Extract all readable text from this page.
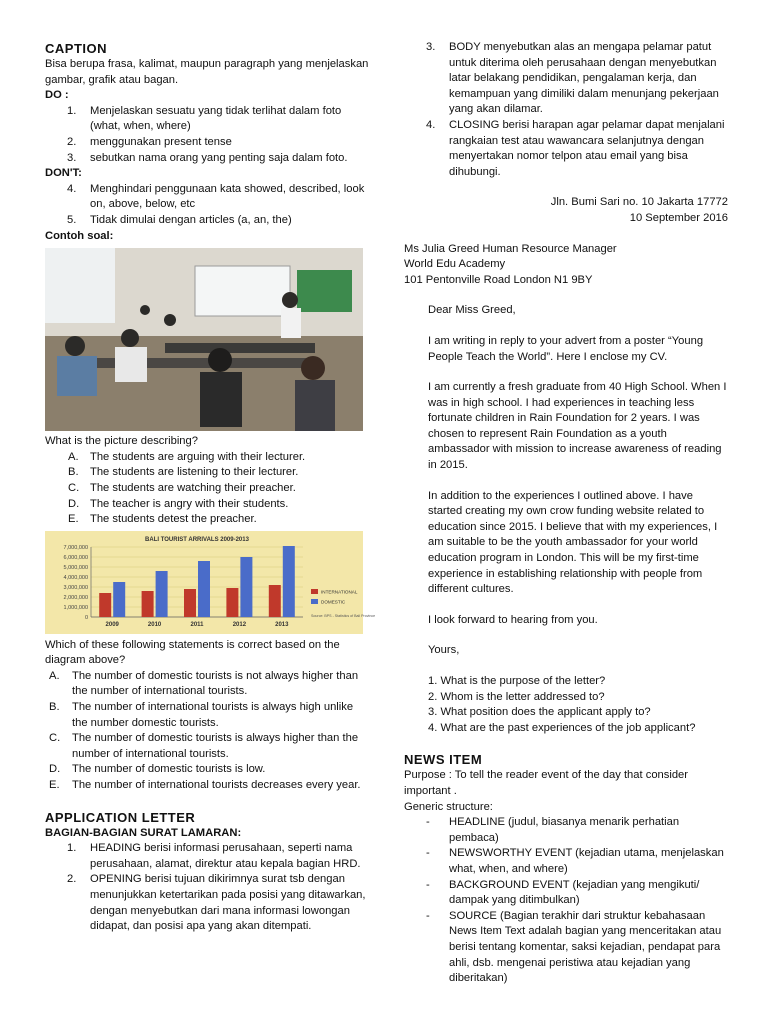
CAPTION

Bisa berupa frasa, kalimat, maupun paragraph yang menjelaskan gambar, grafik atau bagan.

DO :

1. Menjelaskan sesuatu yang tidak terlihat dalam foto (what, when, where)
2. menggunakan present tense
3. sebutkan nama orang yang penting saja dalam foto.

DON'T:

4. Menghindari penggunaan kata showed, described, look on, above, below, etc
5. Tidak dimulai dengan articles (a, an, the)

Contoh soal:

What is the picture describing?

A. The students are arguing with their lecturer.
B. The students are listening to their lecturer.
C. The students are watching their preacher.
D. The teacher is angry with their students.
E. The students detest the preacher.
BALI TOURIST ARRIVALS 2009-2013
0
1,000,000
2,000,000
3,000,000
4,000,000
5,000,000
6,000,000
7,000,000
2009	2010	2011	2012	2013
INTERNATIONAL
DOMESTIC
Source: BPS - Statistics of Bali Province

Which of these following statements is correct based on the diagram above?

A. The number of domestic tourists is not always higher than the number of international tourists.
B. The number of international tourists is always high unlike the number domestic tourists.
C. The number of domestic tourists is always higher than the number of international tourists.
D. The number of domestic tourists is low.
E. The number of international tourists decreases every year.
APPLICATION LETTER

BAGIAN-BAGIAN SURAT LAMARAN:

1. HEADING berisi informasi perusahaan, seperti nama perusahaan, alamat, direktur atau kepala bagian HRD.
2. OPENING berisi tujuan dikirimnya surat tsb dengan menunjukkan ketertarikan pada posisi yang ditawarkan, dengan menyebutkan dari mana informasi lowongan didapat, dan posisi apa yang akan ditempati.
3. BODY menyebutkan alas an mengapa pelamar patut untuk diterima oleh perusahaan dengan menyebutkan latar belakang pendidikan, pengalaman kerja, dan kemampuan yang dimiliki dalam menunjang pekerjaan yang akan dilamar.
4. CLOSING berisi harapan agar pelamar dapat menjalani rangkaian test atau wawancara selanjutnya dengan menyertakan nomor telpon atau email yang bisa dihubungi.

Jln. Bumi Sari no. 10 Jakarta 17772

10 September 2016

Ms Julia Greed Human Resource Manager

World Edu Academy

101 Pentonville Road London N1 9BY

Dear Miss Greed,

I am writing in reply to your advert from a poster “Young People Teach the World”. Here I enclose my CV.

I am currently a fresh graduate from 40 High School. When I was in high school. I had experiences in teaching less fortunate children in Rain Foundation for 2 years. I was chosen to represent Rain Foundation as a youth ambassador with mission to increase awareness of reading in 2015.

In addition to the experiences I outlined above. I have started creating my own crow funding website related to education since 2015. I believe that with my experiences, I am suitable to be the youth ambassador for your world education program in London. This will be my first-time experience in establishing relationship with people from different cultures.

I look forward to hearing from you.

Yours,

1. What is the purpose of the letter?

2. Whom is the letter addressed to?

3. What position does the applicant apply to?

4. What are the past experiences of the job applicant?

NEWS ITEM

Purpose : To tell the reader event of the day that consider important .

Generic structure:

- HEADLINE (judul, biasanya menarik perhatian pembaca)
- NEWSWORTHY EVENT (kejadian utama, menjelaskan what, when, and where)
- BACKGROUND EVENT (kejadian yang mengikuti/ dampak yang ditimbulkan)
- SOURCE (Bagian terakhir dari struktur kebahasaan News Item Text adalah bagian yang menceritakan atau berisi tentang komentar, saksi kejadian, pendapat para ahli, dsb. mengenai peristiwa atau kejadian yang diberitakan)
